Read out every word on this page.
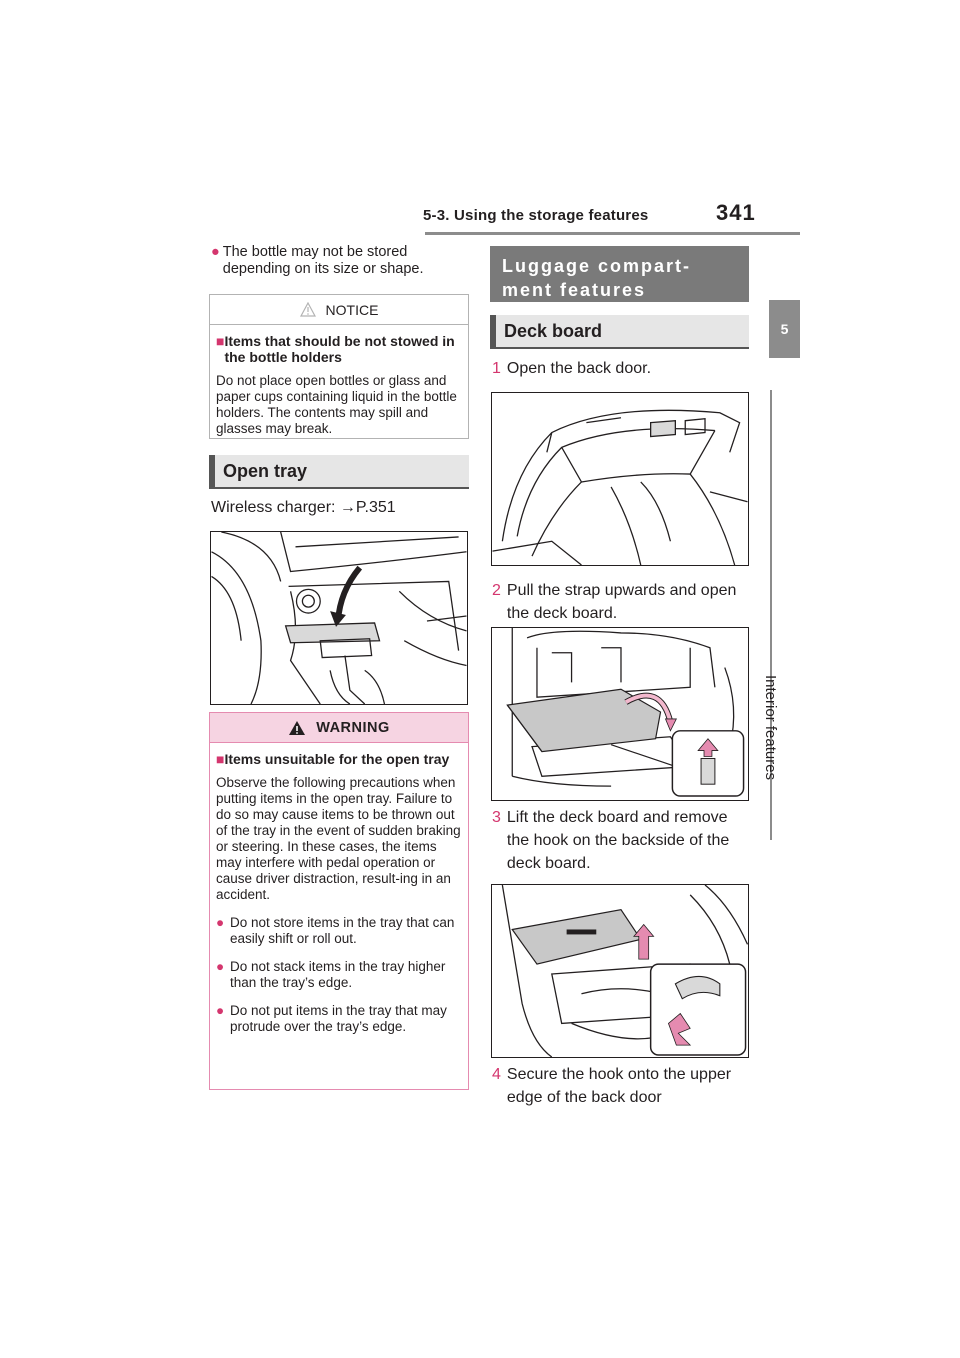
5-3. Using the storage features	341
5
Interior features
● The bottle may not be stored depending on its size or shape.
NOTICE
■ Items that should be not stowed in the bottle holders
Do not place open bottles or glass and paper cups containing liquid in the bottle holders. The contents may spill and glasses may break.
Open tray
Wireless charger: →P.351
WARNING
■ Items unsuitable for the open tray

Observe the following precautions when putting items in the open tray. Failure to do so may cause items to be thrown out of the tray in the event of sudden braking or steering. In these cases, the items may interfere with pedal operation or cause driver distraction, result-ing in an accident.

● Do not store items in the tray that can easily shift or roll out.
● Do not stack items in the tray higher than the tray’s edge.
● Do not put items in the tray that may protrude over the tray’s edge.
Luggage compart-ment features
Deck board
1 Open the back door.
2 Pull the strap upwards and open the deck board.
3 Lift the deck board and remove the hook on the backside of the deck board.
4 Secure the hook onto the upper edge of the back door
